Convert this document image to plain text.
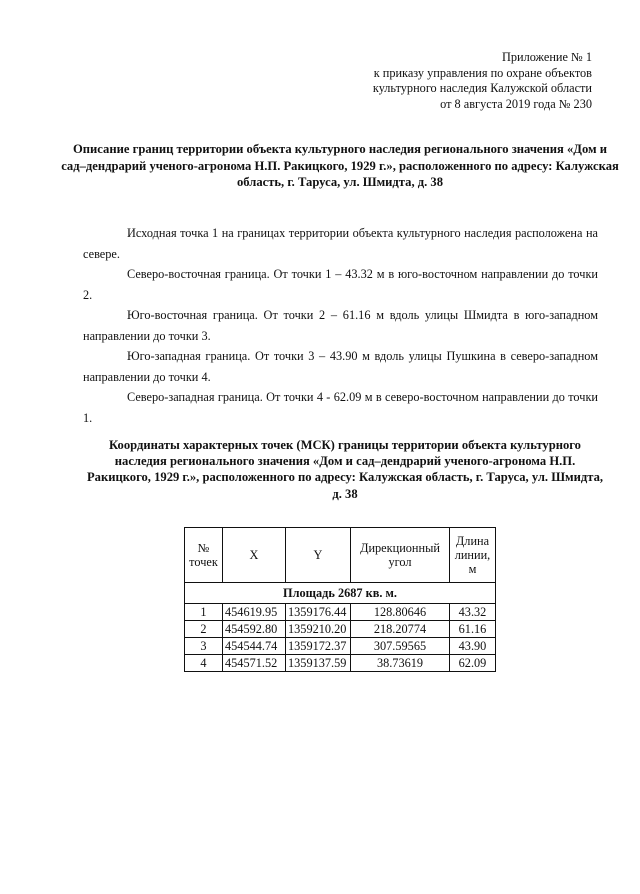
Приложение № 1
к приказу управления по охране объектов
культурного наследия Калужской области
от 8 августа 2019 года № 230
Описание границ территории объекта культурного наследия регионального значения «Дом и сад–дендрарий ученого-агронома Н.П. Ракицкого, 1929 г.», расположенного по адресу: Калужская область, г. Таруса, ул. Шмидта, д. 38

Исходная точка 1 на границах территории объекта культурного наследия расположена на севере.

Северо-восточная граница. От точки 1 – 43.32 м в юго-восточном направлении до точки 2.

Юго-восточная граница. От точки 2 – 61.16 м вдоль улицы Шмидта в юго-западном направлении до точки 3.

Юго-западная граница. От точки 3 – 43.90 м вдоль улицы Пушкина в северо-западном направлении до точки 4.

Северо-западная граница. От точки 4 - 62.09 м в северо-восточном направлении до точки 1.

Координаты характерных точек (МСК) границы территории объекта культурного наследия регионального значения «Дом и сад–дендрарий ученого-агронома Н.П. Ракицкого, 1929 г.», расположенного по адресу: Калужская область, г. Таруса, ул. Шмидта, д. 38
№ точек	X	Y	Дирекционный угол	Длина линии, м
Площадь 2687 кв. м.				
1	454619.95	1359176.44	128.80646	43.32
2	454592.80	1359210.20	218.20774	61.16
3	454544.74	1359172.37	307.59565	43.90
4	454571.52	1359137.59	38.73619	62.09
